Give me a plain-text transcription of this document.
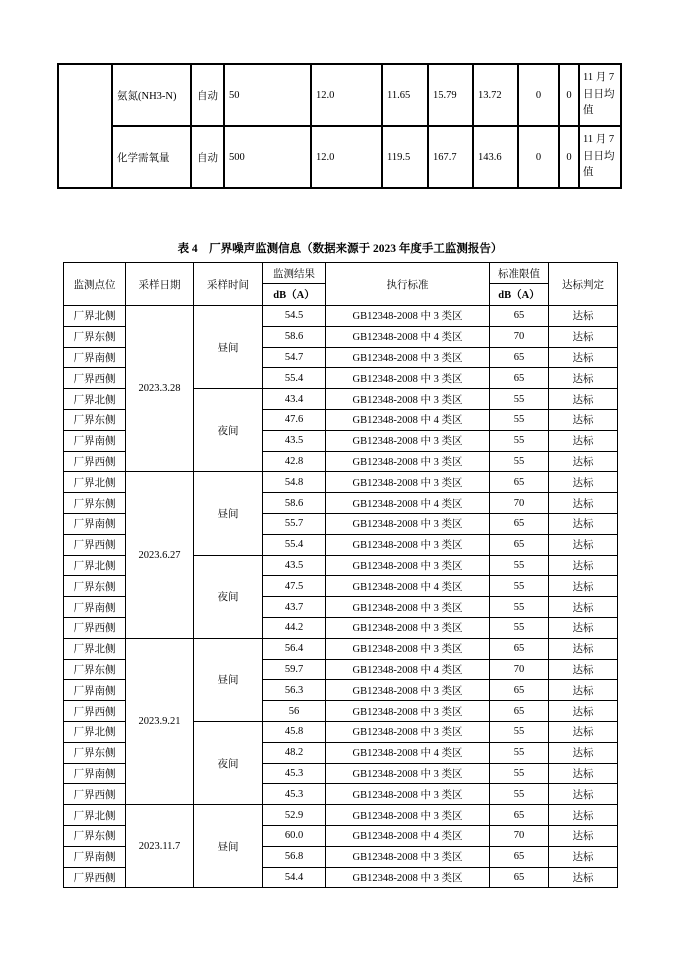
	氨氮(NH3-N)	自动	50	12.0	11.65	15.79	13.72	0	0	11 月 7 日日均值
	化学需氧量	自动	500	12.0	119.5	167.7	143.6	0	0	11 月 7 日日均值
表 4　厂界噪声监测信息（数据来源于 2023 年度手工监测报告）
监测点位	采样日期	采样时间	监测结果	执行标准	标准限值	达标判定
			dB（A）		dB（A）	
厂界北侧	2023.3.28	昼间	54.5	GB12348-2008 中 3 类区	65	达标
厂界东侧			58.6	GB12348-2008 中 4 类区	70	达标
厂界南侧			54.7	GB12348-2008 中 3 类区	65	达标
厂界西侧			55.4	GB12348-2008 中 3 类区	65	达标
厂界北侧		夜间	43.4	GB12348-2008 中 3 类区	55	达标
厂界东侧			47.6	GB12348-2008 中 4 类区	55	达标
厂界南侧			43.5	GB12348-2008 中 3 类区	55	达标
厂界西侧			42.8	GB12348-2008 中 3 类区	55	达标
厂界北侧	2023.6.27	昼间	54.8	GB12348-2008 中 3 类区	65	达标
厂界东侧			58.6	GB12348-2008 中 4 类区	70	达标
厂界南侧			55.7	GB12348-2008 中 3 类区	65	达标
厂界西侧			55.4	GB12348-2008 中 3 类区	65	达标
厂界北侧		夜间	43.5	GB12348-2008 中 3 类区	55	达标
厂界东侧			47.5	GB12348-2008 中 4 类区	55	达标
厂界南侧			43.7	GB12348-2008 中 3 类区	55	达标
厂界西侧			44.2	GB12348-2008 中 3 类区	55	达标
厂界北侧	2023.9.21	昼间	56.4	GB12348-2008 中 3 类区	65	达标
厂界东侧			59.7	GB12348-2008 中 4 类区	70	达标
厂界南侧			56.3	GB12348-2008 中 3 类区	65	达标
厂界西侧			56	GB12348-2008 中 3 类区	65	达标
厂界北侧		夜间	45.8	GB12348-2008 中 3 类区	55	达标
厂界东侧			48.2	GB12348-2008 中 4 类区	55	达标
厂界南侧			45.3	GB12348-2008 中 3 类区	55	达标
厂界西侧			45.3	GB12348-2008 中 3 类区	55	达标
厂界北侧	2023.11.7	昼间	52.9	GB12348-2008 中 3 类区	65	达标
厂界东侧			60.0	GB12348-2008 中 4 类区	70	达标
厂界南侧			56.8	GB12348-2008 中 3 类区	65	达标
厂界西侧			54.4	GB12348-2008 中 3 类区	65	达标
